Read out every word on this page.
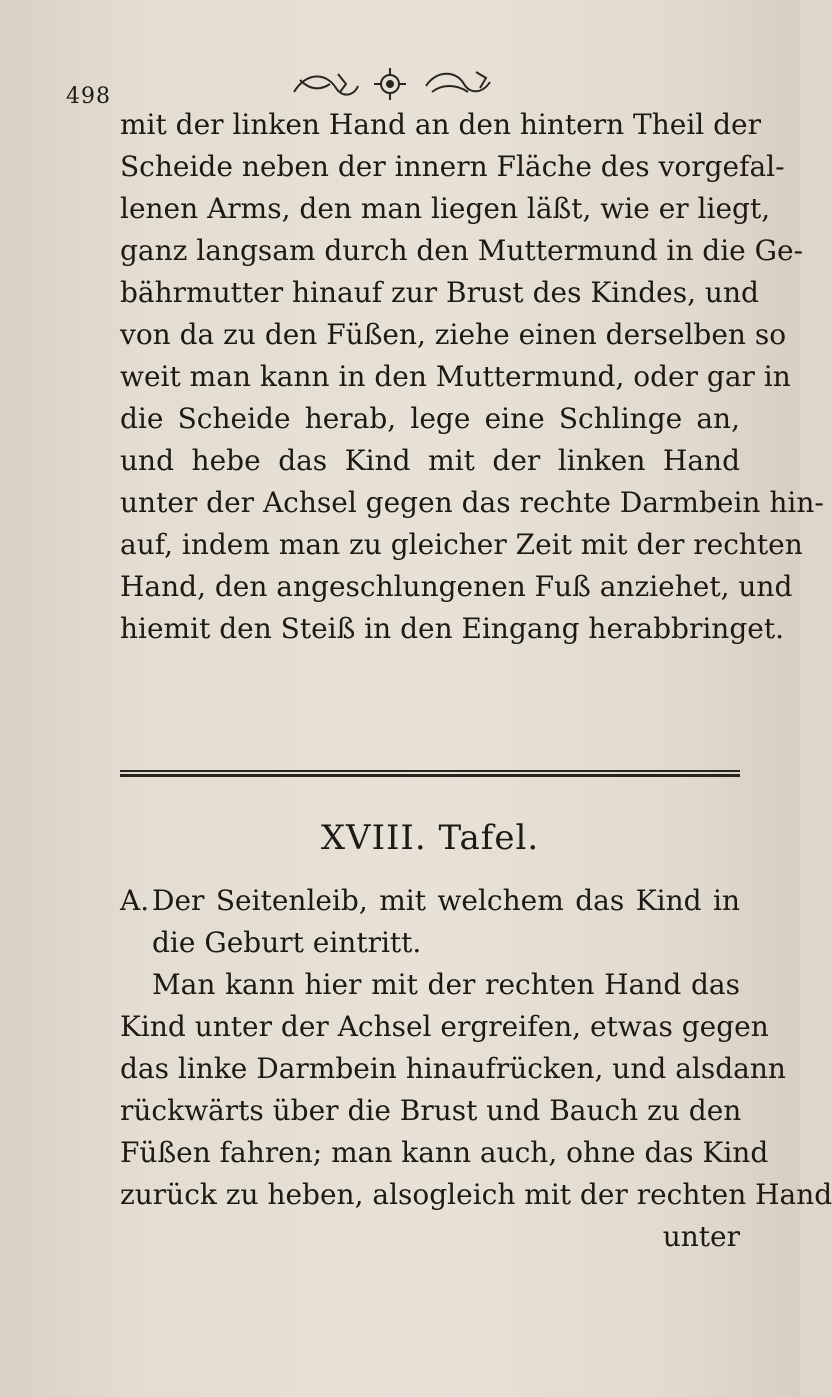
498
mit der linken Hand an den hintern Theil der
Scheide neben der innern Fläche des vorgefal-
lenen Arms, den man liegen läßt, wie er liegt,
ganz langsam durch den Muttermund in die Ge-
bährmutter hinauf zur Brust des Kindes, und
von da zu den Füßen, ziehe einen derselben so
weit man kann in den Muttermund, oder gar in
die Scheide herab, lege eine Schlinge an,
und hebe das Kind mit der linken Hand
unter der Achsel gegen das rechte Darmbein hin-
auf, indem man zu gleicher Zeit mit der rechten
Hand, den angeschlungenen Fuß anziehet, und
hiemit den Steiß in den Eingang herabbringet.
XVIII. Tafel.
A. Der Seitenleib, mit welchem das Kind in
die Geburt eintritt.
Man kann hier mit der rechten Hand das
Kind unter der Achsel ergreifen, etwas gegen
das linke Darmbein hinaufrücken, und alsdann
rückwärts über die Brust und Bauch zu den
Füßen fahren; man kann auch, ohne das Kind
zurück zu heben, alsogleich mit der rechten Hand
unter
